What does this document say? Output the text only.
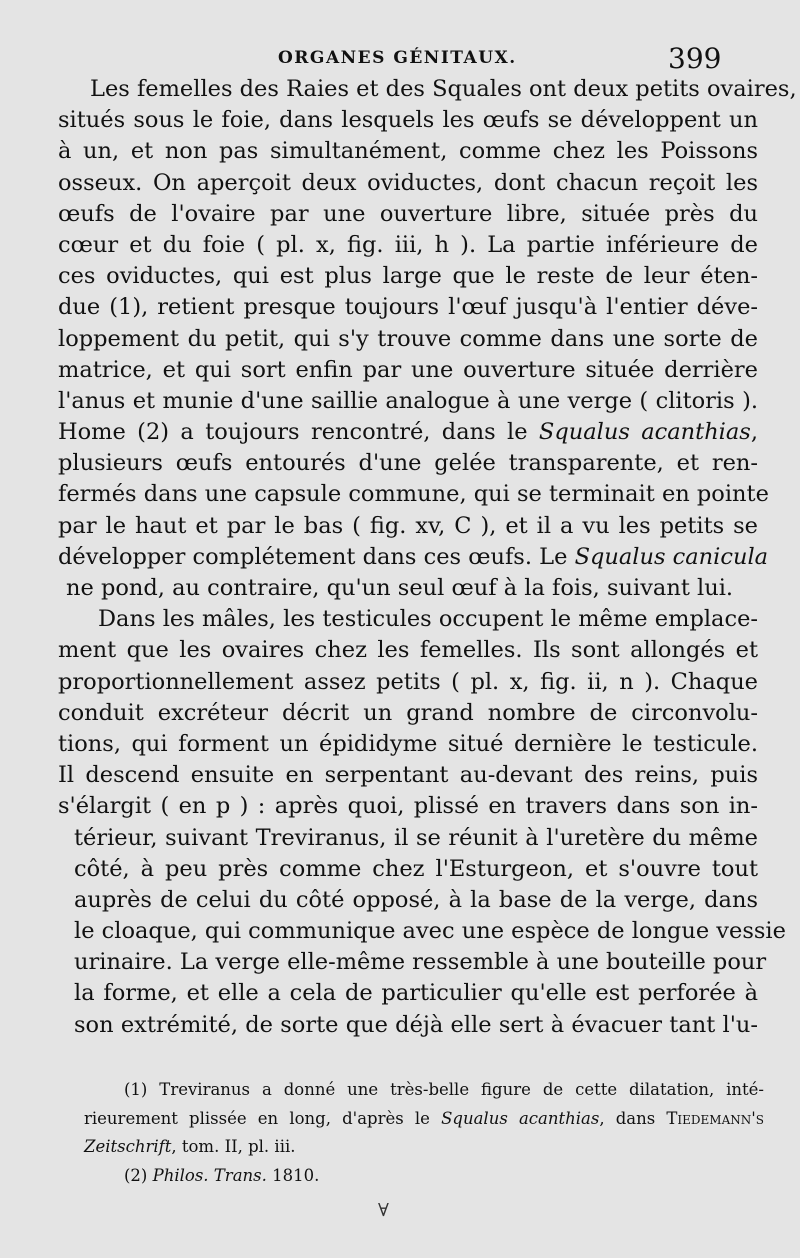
ORGANES GÉNITAUX.	399
Les femelles des Raies et des Squales ont deux petits ovaires,
situés sous le foie, dans lesquels les œufs se développent un
à un, et non pas simultanément, comme chez les Poissons
osseux. On aperçoit deux oviductes, dont chacun reçoit les
œufs de l'ovaire par une ouverture libre, située près du
cœur et du foie ( pl. x, fig. iii, h ). La partie inférieure de
ces oviductes, qui est plus large que le reste de leur éten-
due (1), retient presque toujours l'œuf jusqu'à l'entier déve-
loppement du petit, qui s'y trouve comme dans une sorte de
matrice, et qui sort enfin par une ouverture située derrière
l'anus et munie d'une saillie analogue à une verge ( clitoris ).
Home (2) a toujours rencontré, dans le Squalus acanthias,
plusieurs œufs entourés d'une gelée transparente, et ren-
fermés dans une capsule commune, qui se terminait en pointe
par le haut et par le bas ( fig. xv, C ), et il a vu les petits se
développer complétement dans ces œufs. Le Squalus canicula
ne pond, au contraire, qu'un seul œuf à la fois, suivant lui.
Dans les mâles, les testicules occupent le même emplace-
ment que les ovaires chez les femelles. Ils sont allongés et
proportionnellement assez petits ( pl. x, fig. ii, n ). Chaque
conduit excréteur décrit un grand nombre de circonvolu-
tions, qui forment un épididyme situé dernière le testicule.
Il descend ensuite en serpentant au-devant des reins, puis
s'élargit ( en p ) : après quoi, plissé en travers dans son in-
térieur, suivant Treviranus, il se réunit à l'uretère du même
côté, à peu près comme chez l'Esturgeon, et s'ouvre tout
auprès de celui du côté opposé, à la base de la verge, dans
le cloaque, qui communique avec une espèce de longue vessie
urinaire. La verge elle-même ressemble à une bouteille pour
la forme, et elle a cela de particulier qu'elle est perforée à
son extrémité, de sorte que déjà elle sert à évacuer tant l'u-
(1) Treviranus a donné une très-belle figure de cette dilatation, inté-
rieurement plissée en long, d'après le Squalus acanthias, dans Tiedemann's
Zeitschrift, tom. II, pl. iii.
(2) Philos. Trans. 1810.
∀
